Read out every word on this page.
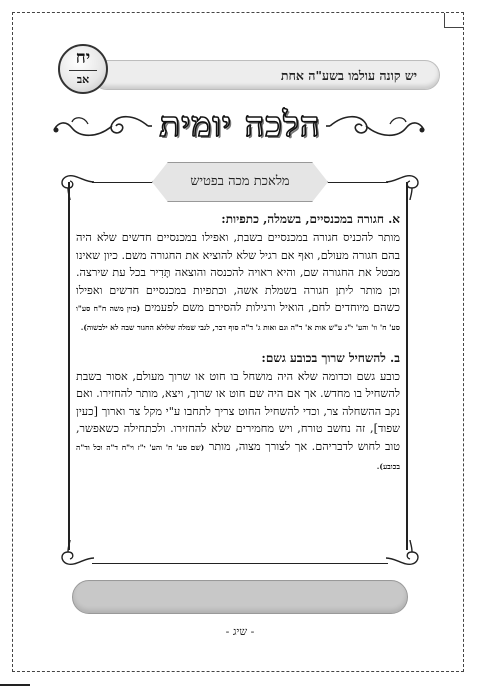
יש קונה עולמו בשע"ה אחת
יח
אב
הלכה יומית
מלאכת מכה בפטיש
א. חגורה במכנסיים, בשמלה, כתפיות:

מותר להכניס חגורה במכנסיים בשבת, ואפילו במכנסיים חדשים שלא היה בהם חגורה מעולם, ואף אם רגיל שלא להוציא את החגורה משם. כיון שאינו מבטל את החגורה שם, והיא ראויה להכנסה והוצאה תָּדִיר בכל עת שירצה. וכן מותר ליתן חגורה בשמלת אשה, וכתפיות במכנסיים חדשים ואפילו כשהם מיוחדים לחם, הואיל ורגילות להסירם משם לפעמים (כזין משה ח"ח סע"ו סע' ח' וו' והע' י"ג ע"ש אות א' ד"ה וגם ואות ג' ד"ה סוף דבר, לגבי שמלה שלולא החגור שבה לא ילבשוה).

ב. להשחיל שרוך בכובע גשם:

כובע גשם וכדומה שלא היה מושחל בו חוט או שרוך מעולם, אסור בשבת להשחיל בו מחדש. אך אם היה שם חוט או שרוך, ויצא, מותר להחזירו. ואם נקב ההשחלה צר, וכדי להשחיל החוט צריך לתחבו ע"י מקל צר וארוך [כעין שפוד], זה נחשב טורח, ויש מחמירים שלא להחזירו. ולכתחילה כשאפשר, טוב לחוש לדבריהם. אך לצורך מצוה, מותר (שם סע' ח' והע' י"ז וי"ח ד"ה וכל וד"ה בכובע).

- שיג -
